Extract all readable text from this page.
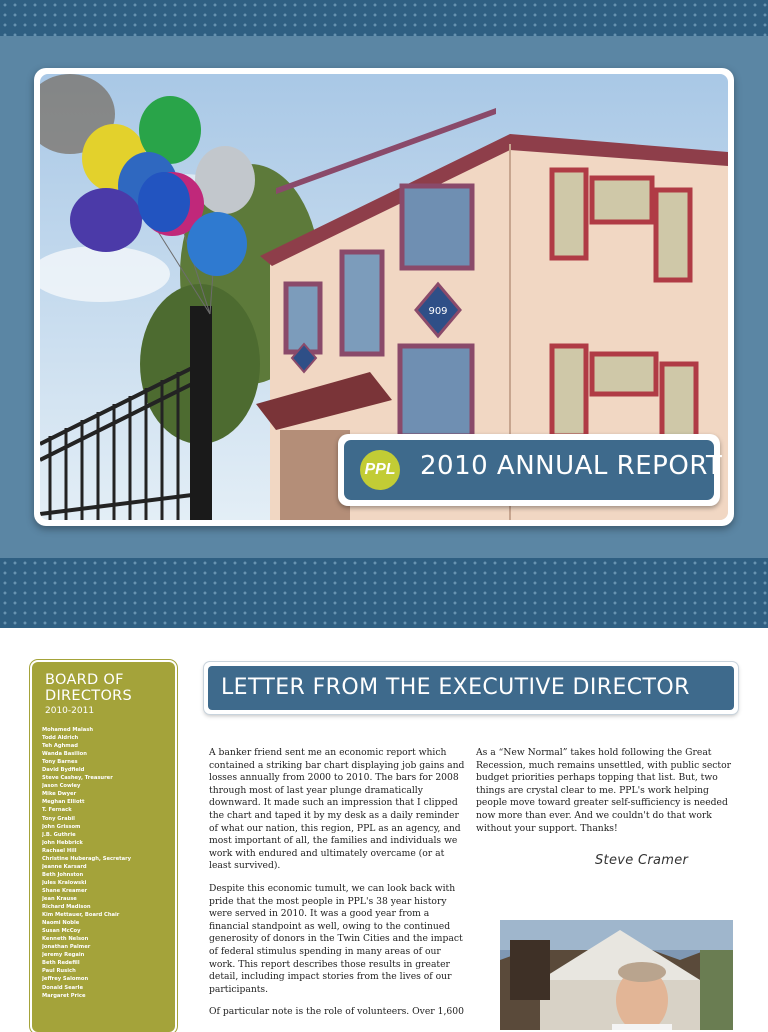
909
PPL 2010 ANNUAL REPORT
BOARD OF DIRECTORS
2010-2011
Mohamed Malash
Todd Aldrich
Teh Aghmad
Wanda Basilion
Tony Barnes
David Bydfield
Steve Cashey, Treasurer
Jason Cowley
Mike Dwyer
Meghan Elliott
T. Fernack
Tony Grabil
John Grissom
J.B. Guthrie
John Hebbrick
Rachael Hill
Christine Huberagh, Secretary
Jeanne Karsard
Beth Johnston
Jules Kralowski
Shane Kreamer
Jean Krause
Richard Madison
Kim Mettauer, Board Chair
Naomi Noble
Susan McCoy
Kenneth Nelson
Jonathan Palmer
Jeremy Regain
Beth Redefill
Paul Rusich
Jeffrey Salomon
Donald Searle
Margaret Price
LETTER FROM THE EXECUTIVE DIRECTOR

A banker friend sent me an economic report which contained a striking bar chart displaying job gains and losses annually from 2000 to 2010. The bars for 2008 through most of last year plunge dramatically downward. It made such an impression that I clipped the chart and taped it by my desk as a daily reminder of what our nation, this region, PPL as an agency, and most important of all, the families and individuals we work with endured and ultimately overcame (or at least survived).

Despite this economic tumult, we can look back with pride that the most people in PPL's 38 year history were served in 2010. It was a good year from a financial standpoint as well, owing to the continued generosity of donors in the Twin Cities and the impact of federal stimulus spending in many areas of our work. This report describes those results in greater detail, including impact stories from the lives of our participants.

Of particular note is the role of volunteers. Over 1,600

As a “New Normal” takes hold following the Great Recession, much remains unsettled, with public sector budget priorities perhaps topping that list. But, two things are crystal clear to me. PPL's work helping people move toward greater self-sufficiency is needed now more than ever. And we couldn't do that work without your support. Thanks!

Steve Cramer
